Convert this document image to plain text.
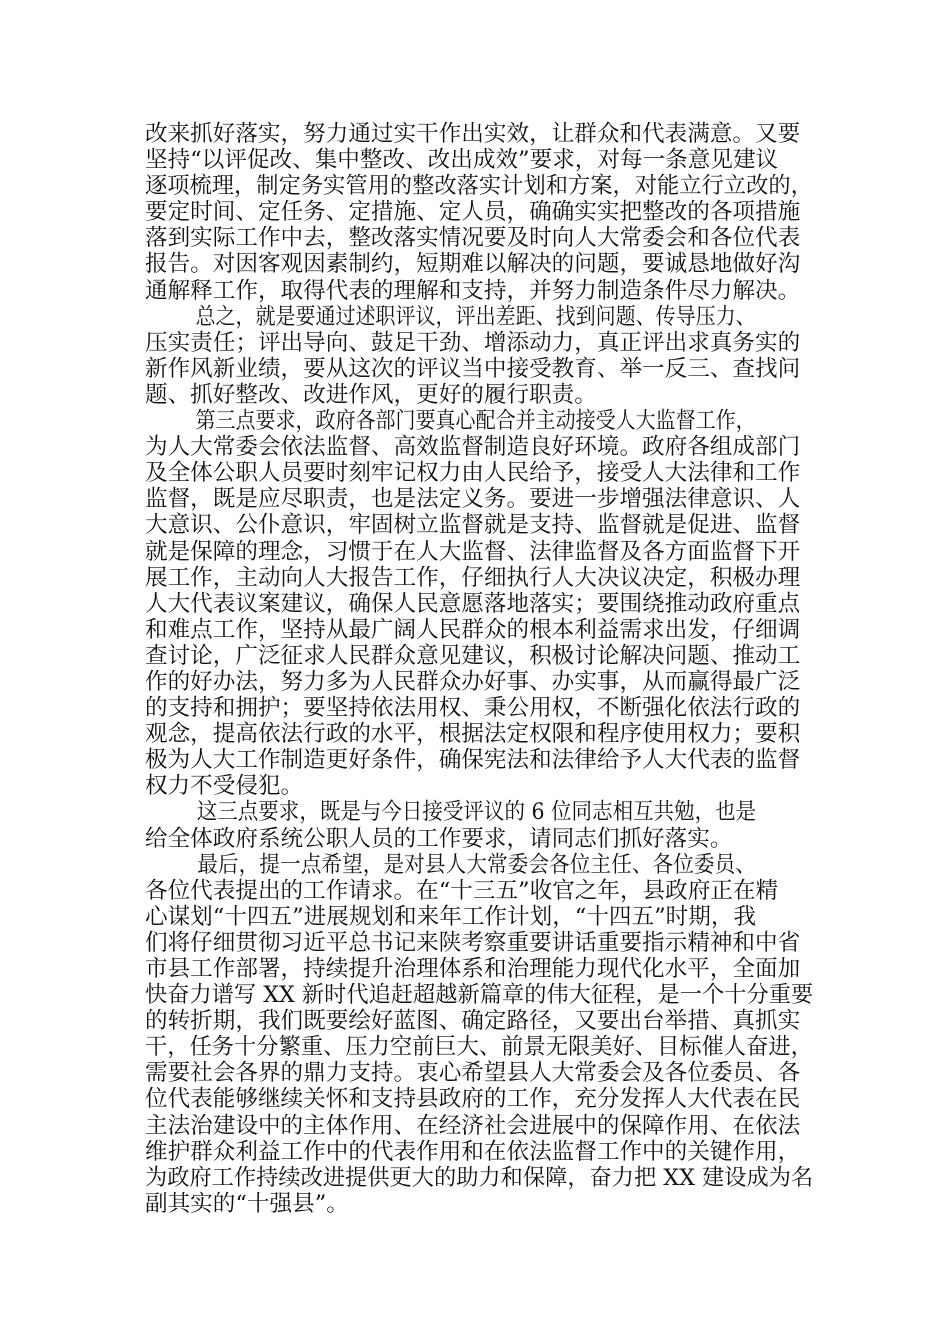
改来抓好落实，努力通过实干作出实效，让群众和代表满意。又要
坚持“以评促改、集中整改、改出成效”要求，对每一条意见建议
逐项梳理，制定务实管用的整改落实计划和方案，对能立行立改的，
要定时间、定任务、定措施、定人员，确确实实把整改的各项措施
落到实际工作中去，整改落实情况要及时向人大常委会和各位代表
报告。对因客观因素制约，短期难以解决的问题，要诚恳地做好沟
通解释工作，取得代表的理解和支持，并努力制造条件尽力解决。
总之，就是要通过述职评议，评出差距、找到问题、传导压力、
压实责任；评出导向、鼓足干劲、增添动力，真正评出求真务实的
新作风新业绩，要从这次的评议当中接受教育、举一反三、查找问
题、抓好整改、改进作风，更好的履行职责。
第三点要求，政府各部门要真心配合并主动接受人大监督工作，
为人大常委会依法监督、高效监督制造良好环境。政府各组成部门
及全体公职人员要时刻牢记权力由人民给予，接受人大法律和工作
监督，既是应尽职责，也是法定义务。要进一步增强法律意识、人
大意识、公仆意识，牢固树立监督就是支持、监督就是促进、监督
就是保障的理念，习惯于在人大监督、法律监督及各方面监督下开
展工作，主动向人大报告工作，仔细执行人大决议决定，积极办理
人大代表议案建议，确保人民意愿落地落实；要围绕推动政府重点
和难点工作，坚持从最广阔人民群众的根本利益需求出发，仔细调
查讨论，广泛征求人民群众意见建议，积极讨论解决问题、推动工
作的好办法，努力多为人民群众办好事、办实事，从而赢得最广泛
的支持和拥护；要坚持依法用权、秉公用权，不断强化依法行政的
观念，提高依法行政的水平，根据法定权限和程序使用权力；要积
极为人大工作制造更好条件，确保宪法和法律给予人大代表的监督
权力不受侵犯。
这三点要求，既是与今日接受评议的 6 位同志相互共勉，也是
给全体政府系统公职人员的工作要求，请同志们抓好落实。
最后，提一点希望，是对县人大常委会各位主任、各位委员、
各位代表提出的工作请求。在“十三五”收官之年，县政府正在精
心谋划“十四五”进展规划和来年工作计划，“十四五”时期，我
们将仔细贯彻习近平总书记来陕考察重要讲话重要指示精神和中省
市县工作部署，持续提升治理体系和治理能力现代化水平，全面加
快奋力谱写 XX 新时代追赶超越新篇章的伟大征程，是一个十分重要
的转折期，我们既要绘好蓝图、确定路径，又要出台举措、真抓实
干，任务十分繁重、压力空前巨大、前景无限美好、目标催人奋进，
需要社会各界的鼎力支持。衷心希望县人大常委会及各位委员、各
位代表能够继续关怀和支持县政府的工作，充分发挥人大代表在民
主法治建设中的主体作用、在经济社会进展中的保障作用、在依法
维护群众利益工作中的代表作用和在依法监督工作中的关键作用，
为政府工作持续改进提供更大的助力和保障，奋力把 XX 建设成为名
副其实的“十强县”。
